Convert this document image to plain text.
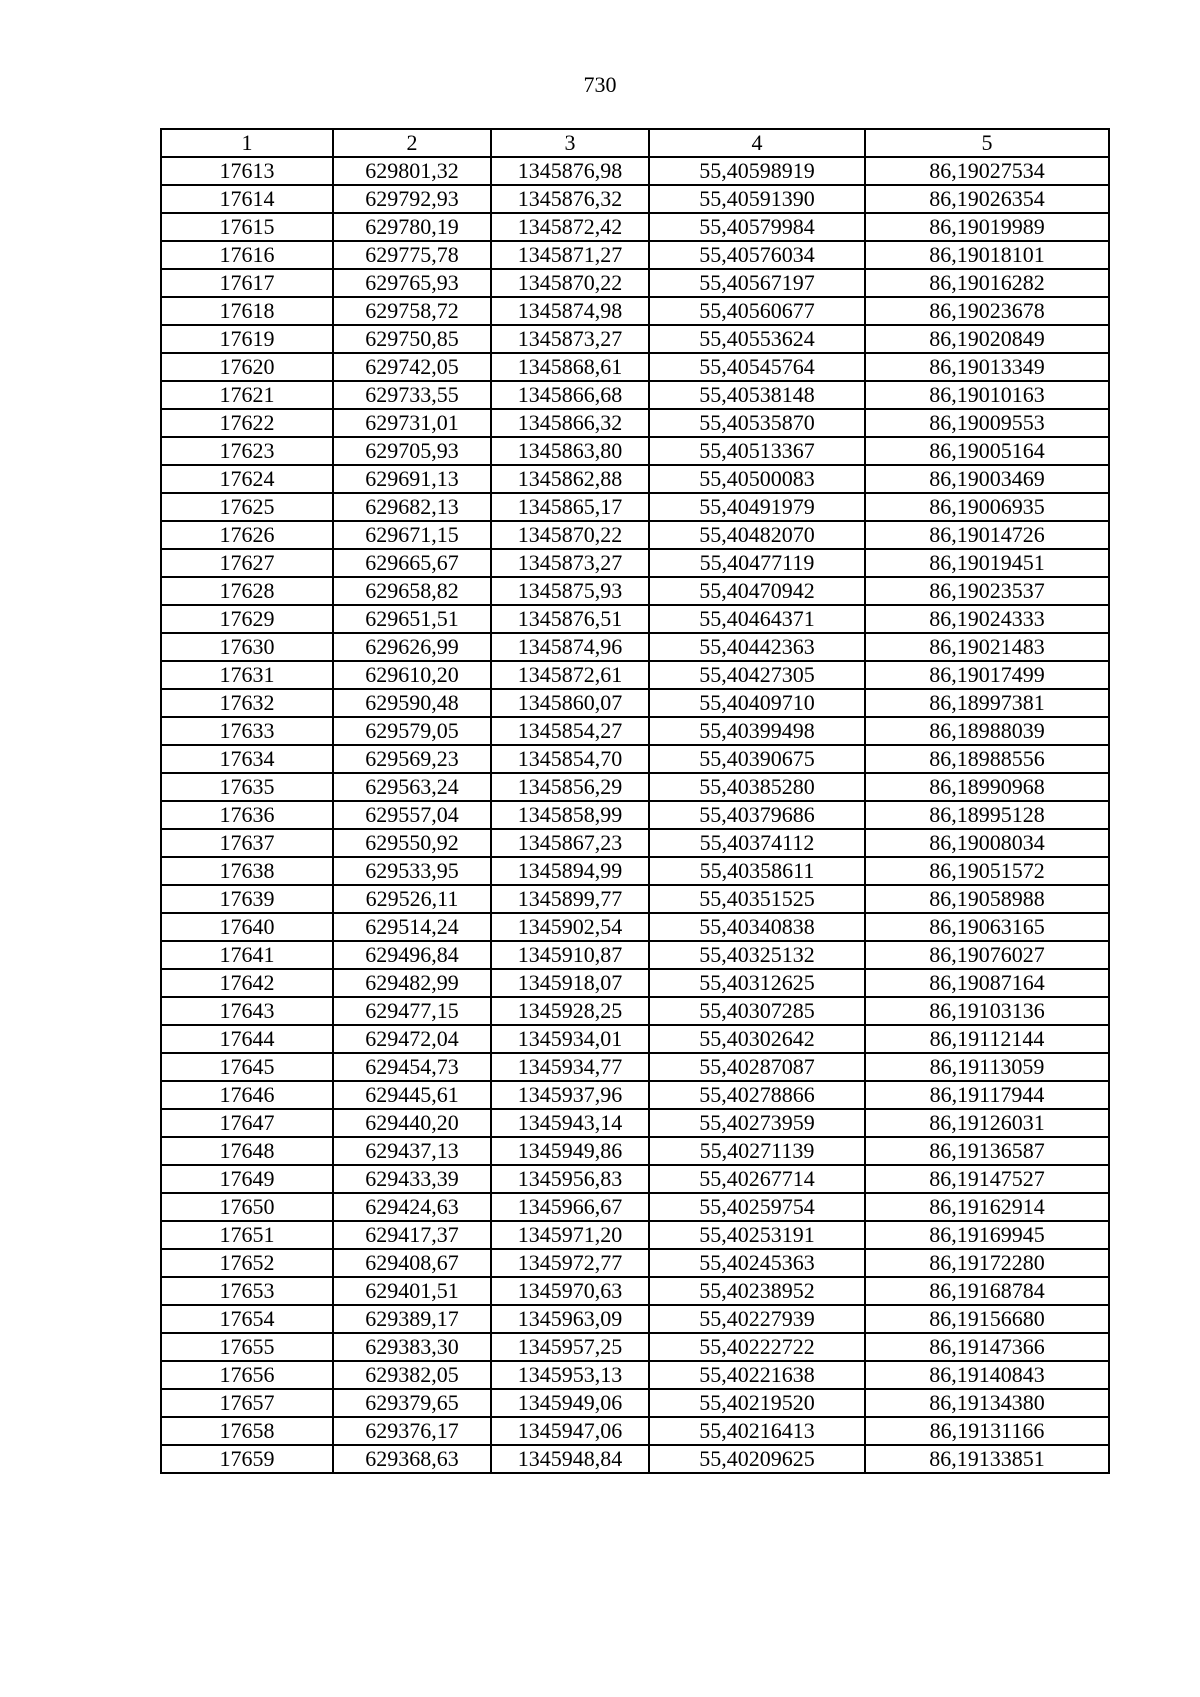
730
1	2	3	4	5
17613	629801,32	1345876,98	55,40598919	86,19027534
17614	629792,93	1345876,32	55,40591390	86,19026354
17615	629780,19	1345872,42	55,40579984	86,19019989
17616	629775,78	1345871,27	55,40576034	86,19018101
17617	629765,93	1345870,22	55,40567197	86,19016282
17618	629758,72	1345874,98	55,40560677	86,19023678
17619	629750,85	1345873,27	55,40553624	86,19020849
17620	629742,05	1345868,61	55,40545764	86,19013349
17621	629733,55	1345866,68	55,40538148	86,19010163
17622	629731,01	1345866,32	55,40535870	86,19009553
17623	629705,93	1345863,80	55,40513367	86,19005164
17624	629691,13	1345862,88	55,40500083	86,19003469
17625	629682,13	1345865,17	55,40491979	86,19006935
17626	629671,15	1345870,22	55,40482070	86,19014726
17627	629665,67	1345873,27	55,40477119	86,19019451
17628	629658,82	1345875,93	55,40470942	86,19023537
17629	629651,51	1345876,51	55,40464371	86,19024333
17630	629626,99	1345874,96	55,40442363	86,19021483
17631	629610,20	1345872,61	55,40427305	86,19017499
17632	629590,48	1345860,07	55,40409710	86,18997381
17633	629579,05	1345854,27	55,40399498	86,18988039
17634	629569,23	1345854,70	55,40390675	86,18988556
17635	629563,24	1345856,29	55,40385280	86,18990968
17636	629557,04	1345858,99	55,40379686	86,18995128
17637	629550,92	1345867,23	55,40374112	86,19008034
17638	629533,95	1345894,99	55,40358611	86,19051572
17639	629526,11	1345899,77	55,40351525	86,19058988
17640	629514,24	1345902,54	55,40340838	86,19063165
17641	629496,84	1345910,87	55,40325132	86,19076027
17642	629482,99	1345918,07	55,40312625	86,19087164
17643	629477,15	1345928,25	55,40307285	86,19103136
17644	629472,04	1345934,01	55,40302642	86,19112144
17645	629454,73	1345934,77	55,40287087	86,19113059
17646	629445,61	1345937,96	55,40278866	86,19117944
17647	629440,20	1345943,14	55,40273959	86,19126031
17648	629437,13	1345949,86	55,40271139	86,19136587
17649	629433,39	1345956,83	55,40267714	86,19147527
17650	629424,63	1345966,67	55,40259754	86,19162914
17651	629417,37	1345971,20	55,40253191	86,19169945
17652	629408,67	1345972,77	55,40245363	86,19172280
17653	629401,51	1345970,63	55,40238952	86,19168784
17654	629389,17	1345963,09	55,40227939	86,19156680
17655	629383,30	1345957,25	55,40222722	86,19147366
17656	629382,05	1345953,13	55,40221638	86,19140843
17657	629379,65	1345949,06	55,40219520	86,19134380
17658	629376,17	1345947,06	55,40216413	86,19131166
17659	629368,63	1345948,84	55,40209625	86,19133851
